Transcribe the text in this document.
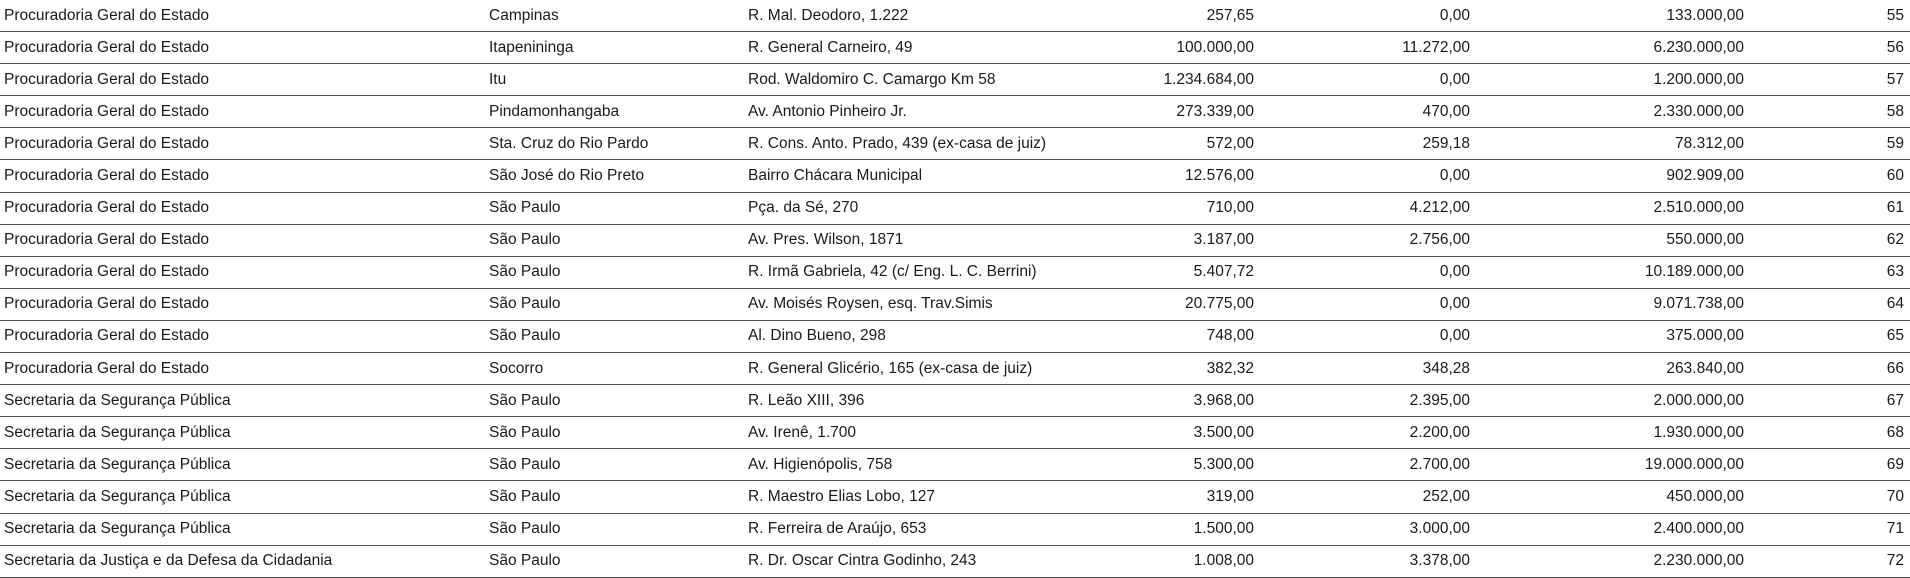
Procuradoria Geral do Estado	Campinas	R. Mal. Deodoro, 1.222	257,65	0,00	133.000,00	55
Procuradoria Geral do Estado	Itapenininga	R. General Carneiro, 49	100.000,00	11.272,00	6.230.000,00	56
Procuradoria Geral do Estado	Itu	Rod. Waldomiro C. Camargo Km 58	1.234.684,00	0,00	1.200.000,00	57
Procuradoria Geral do Estado	Pindamonhangaba	Av. Antonio Pinheiro Jr.	273.339,00	470,00	2.330.000,00	58
Procuradoria Geral do Estado	Sta. Cruz do Rio Pardo	R. Cons. Anto. Prado, 439 (ex-casa de juiz)	572,00	259,18	78.312,00	59
Procuradoria Geral do Estado	São José do Rio Preto	Bairro Chácara Municipal	12.576,00	0,00	902.909,00	60
Procuradoria Geral do Estado	São Paulo	Pça. da Sé, 270	710,00	4.212,00	2.510.000,00	61
Procuradoria Geral do Estado	São Paulo	Av. Pres. Wilson, 1871	3.187,00	2.756,00	550.000,00	62
Procuradoria Geral do Estado	São Paulo	R. Irmã Gabriela, 42 (c/ Eng. L. C. Berrini)	5.407,72	0,00	10.189.000,00	63
Procuradoria Geral do Estado	São Paulo	Av. Moisés Roysen, esq. Trav.Simis	20.775,00	0,00	9.071.738,00	64
Procuradoria Geral do Estado	São Paulo	Al. Dino Bueno, 298	748,00	0,00	375.000,00	65
Procuradoria Geral do Estado	Socorro	R. General Glicério, 165 (ex-casa de juiz)	382,32	348,28	263.840,00	66
Secretaria da Segurança Pública	São Paulo	R. Leão XIII, 396	3.968,00	2.395,00	2.000.000,00	67
Secretaria da Segurança Pública	São Paulo	Av. Irenê, 1.700	3.500,00	2.200,00	1.930.000,00	68
Secretaria da Segurança Pública	São Paulo	Av. Higienópolis, 758	5.300,00	2.700,00	19.000.000,00	69
Secretaria da Segurança Pública	São Paulo	R. Maestro Elias Lobo, 127	319,00	252,00	450.000,00	70
Secretaria da Segurança Pública	São Paulo	R. Ferreira de Araújo, 653	1.500,00	3.000,00	2.400.000,00	71
Secretaria da Justiça e da Defesa da Cidadania	São Paulo	R. Dr. Oscar Cintra Godinho, 243	1.008,00	3.378,00	2.230.000,00	72
